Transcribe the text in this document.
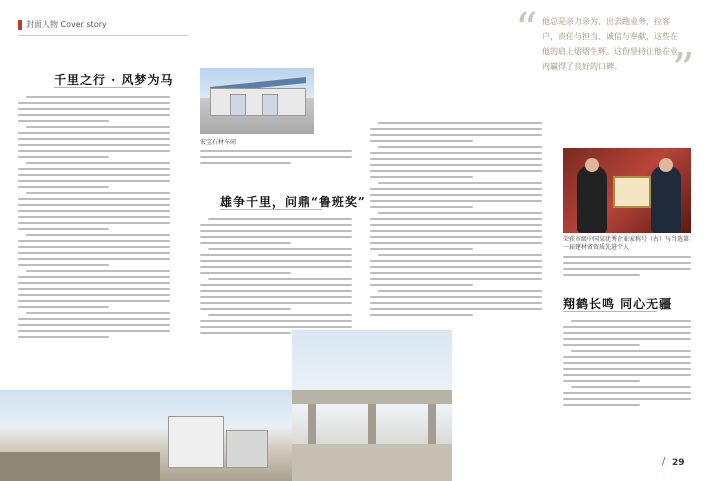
封面人物 Cover story	“ 他总是亲力亲为，出去跑业务，拉客户，责任与担当、诚信与奉献，这些在他的肩上熠熠生辉。这份坚持让他在业内赢得了良好的口碑。	”
千里之行 · 风梦为马
宏宝石材车间
雄争千里，问鼎“鲁班奖”
荣获市级中国某优秀企业家称号（右）与当选第一届建材省资质先进个人
翔鹤长鸣 同心无疆
/ 29
